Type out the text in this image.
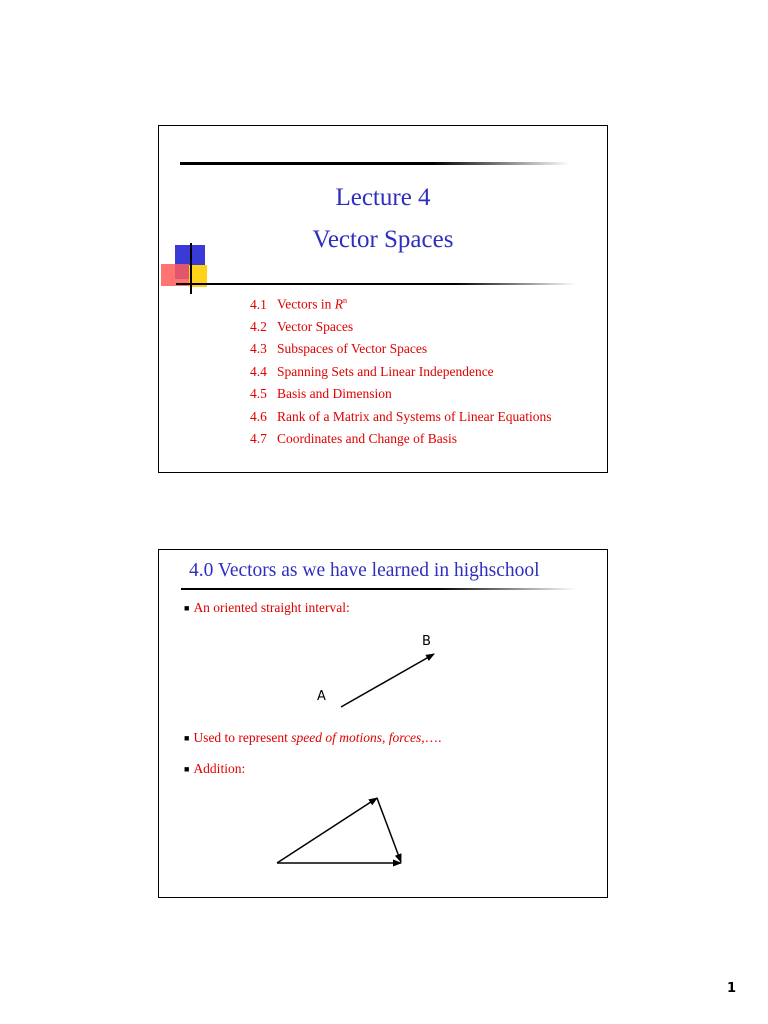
Lecture 4
Vector Spaces
4.1 Vectors in $R^n$
4.2 Vector Spaces
4.3 Subspaces of Vector Spaces
4.4 Spanning Sets and Linear Independence
4.5 Basis and Dimension
4.6 Rank of a Matrix and Systems of Linear Equations
4.7 Coordinates and Change of Basis
4.0 Vectors as we have learned in highschool
■ An oriented straight interval:
B
A
■ Used to represent speed of motions, forces,….
■ Addition:
1
